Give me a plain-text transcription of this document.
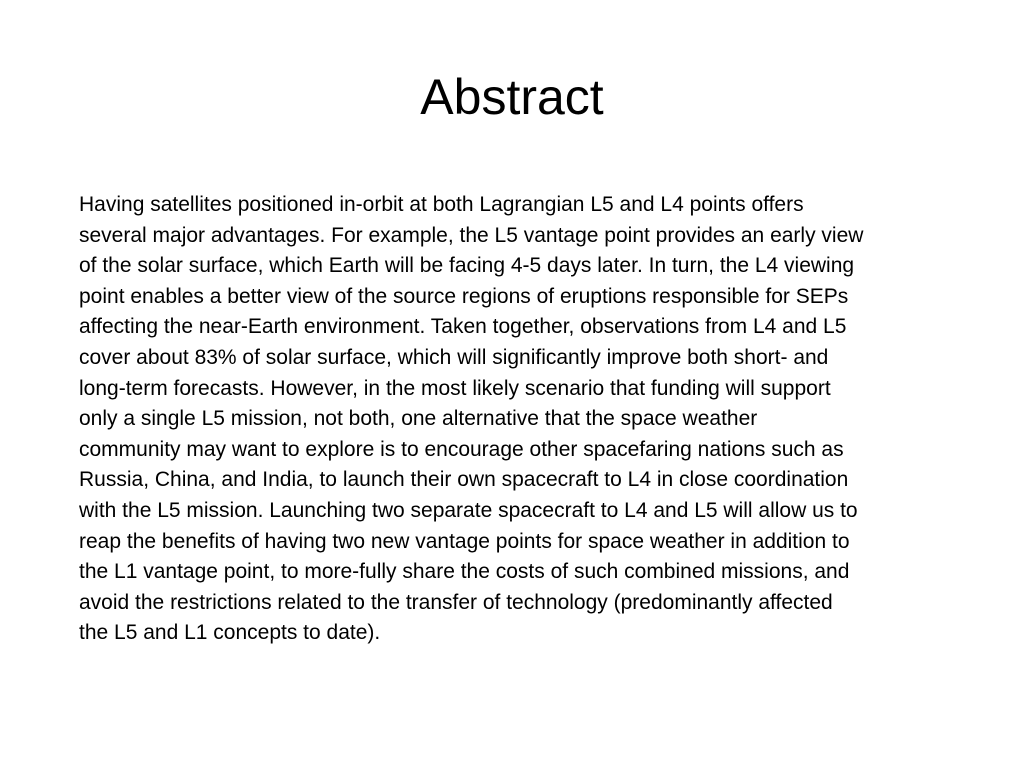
Abstract
Having satellites positioned in-orbit at both Lagrangian L5 and L4 points offers
several major advantages. For example, the L5 vantage point provides an early view
of the solar surface, which Earth will be facing 4-5 days later. In turn, the L4 viewing
point enables a better view of the source regions of eruptions responsible for SEPs
affecting the near-Earth environment. Taken together, observations from L4 and L5
cover about 83% of solar surface, which will significantly improve both short- and
long-term forecasts. However, in the most likely scenario that funding will support
only a single L5 mission, not both, one alternative that the space weather
community may want to explore is to encourage other spacefaring nations such as
Russia, China, and India, to launch their own spacecraft to L4 in close coordination
with the L5 mission. Launching two separate spacecraft to L4 and L5 will allow us to
reap the benefits of having two new vantage points for space weather in addition to
the L1 vantage point, to more-fully share the costs of such combined missions, and
avoid the restrictions related to the transfer of technology (predominantly affected
the L5 and L1 concepts to date).
